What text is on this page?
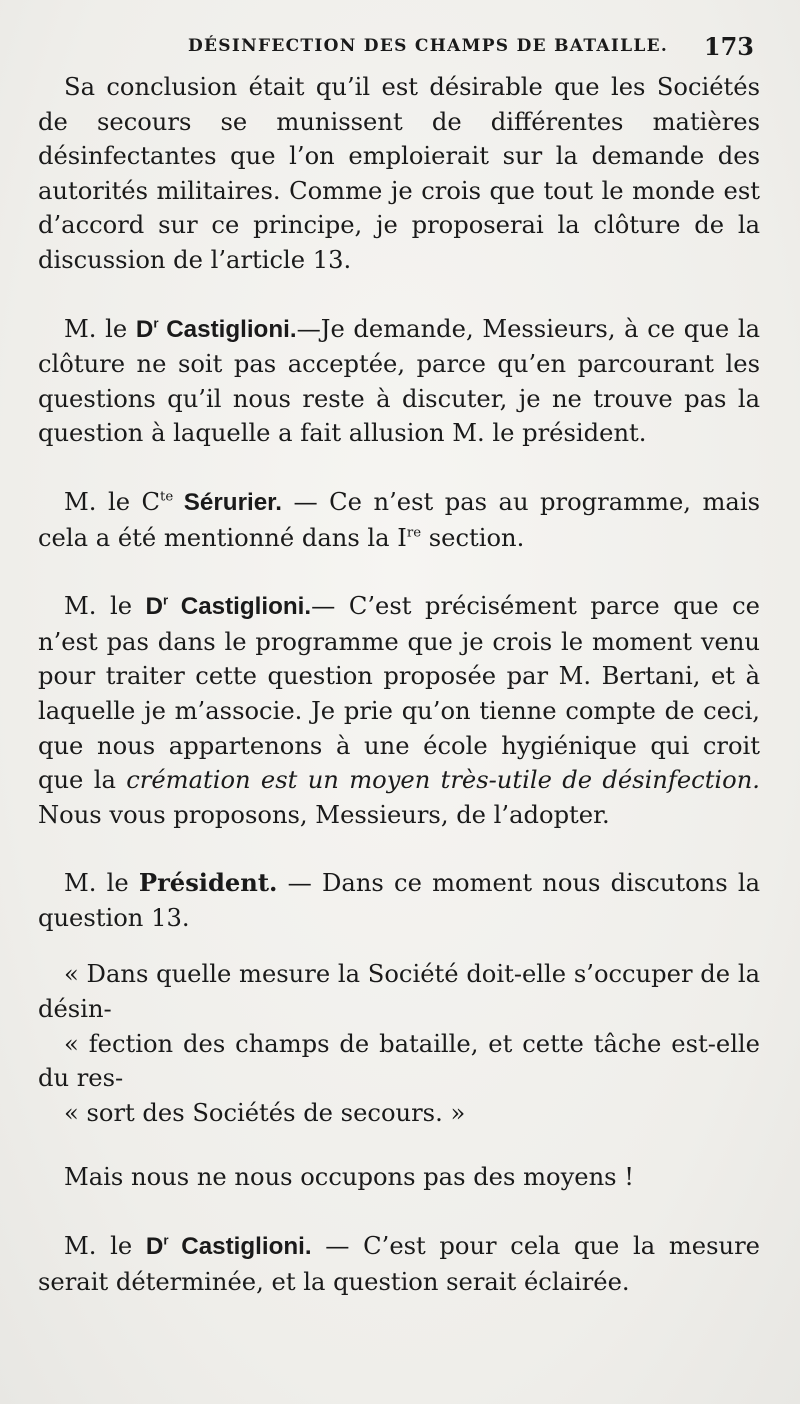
DÉSINFECTION DES CHAMPS DE BATAILLE. 173

Sa conclusion était qu’il est désirable que les Sociétés de secours se munissent de différentes matières désinfectantes que l’on emploierait sur la demande des autorités militaires. Comme je crois que tout le monde est d’accord sur ce principe, je proposerai la clôture de la discussion de l’article 13.

M. le $D^r$ Castiglioni.—Je demande, Messieurs, à ce que la clôture ne soit pas acceptée, parce qu’en parcourant les questions qu’il nous reste à discuter, je ne trouve pas la question à laquelle a fait allusion M. le président.

M. le $C^{te}$ Sérurier. — Ce n’est pas au programme, mais cela a été mentionné dans la Ire section.

M. le $D^r$ Castiglioni.— C’est précisément parce que ce n’est pas dans le programme que je crois le moment venu pour traiter cette question proposée par M. Bertani, et à laquelle je m’associe. Je prie qu’on tienne compte de ceci, que nous appartenons à une école hygiénique qui croit que la crémation est un moyen très-utile de désinfection. Nous vous proposons, Messieurs, de l’adopter.

M. le Président. — Dans ce moment nous discutons la question 13.

« Dans quelle mesure la Société doit-elle s’occuper de la désin-

« fection des champs de bataille, et cette tâche est-elle du res-

« sort des Sociétés de secours. »

Mais nous ne nous occupons pas des moyens !

M. le $D^r$ Castiglioni. — C’est pour cela que la mesure serait déterminée, et la question serait éclairée.
